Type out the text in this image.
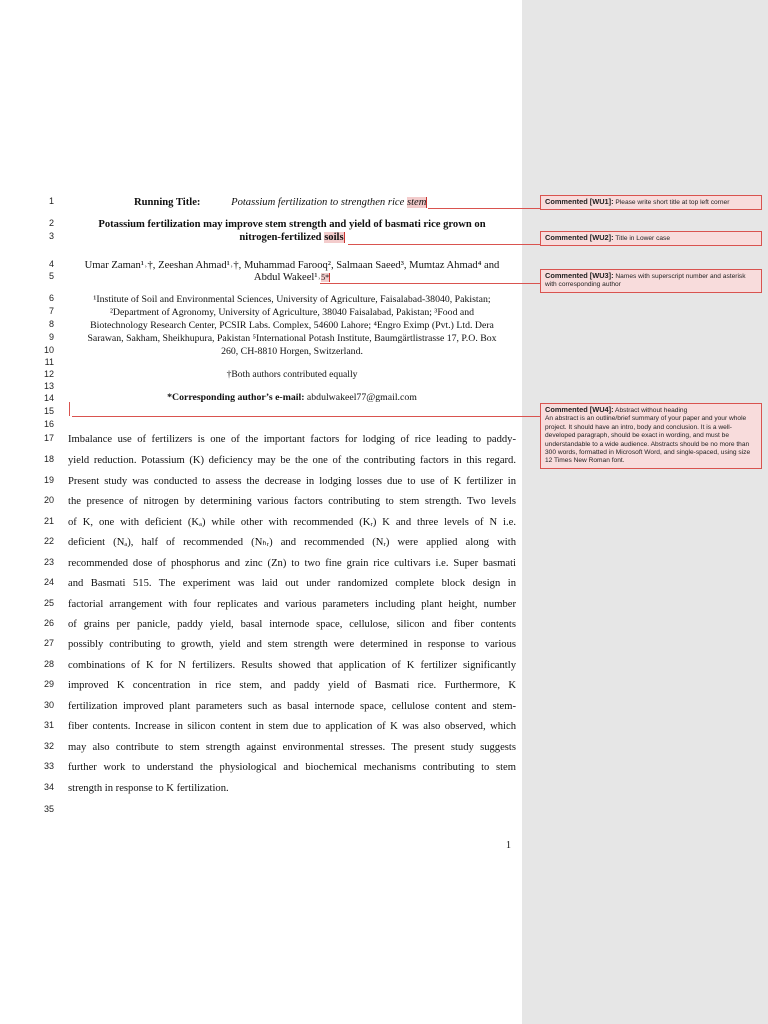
1
2
3
4
5
6
7
8
9
10
11
12
13
14
15
16
17
18
19
20
21
22
23
24
25
26
27
28
29
30
31
32
33
34
35
Running Title:	Potassium fertilization to strengthen rice stem
Potassium fertilization may improve stem strength and yield of basmati rice grown on
nitrogen-fertilized soils
Umar Zaman¹˒†, Zeeshan Ahmad¹˒†, Muhammad Farooq², Salmaan Saeed³, Mumtaz Ahmad⁴ and
Abdul Wakeel¹˒5*
¹Institute of Soil and Environmental Sciences, University of Agriculture, Faisalabad-38040, Pakistan;
²Department of Agronomy, University of Agriculture, 38040 Faisalabad, Pakistan; ³Food and
Biotechnology Research Center, PCSIR Labs. Complex, 54600 Lahore; ⁴Engro Eximp (Pvt.) Ltd. Dera
Sarawan, Sakham, Sheikhupura, Pakistan ⁵International Potash Institute, Baumgärtlistrasse 17, P.O. Box
260, CH-8810 Horgen, Switzerland.
†Both authors contributed equally
*Corresponding author’s e-mail: abdulwakeel77@gmail.com
Imbalance use of fertilizers is one of the important factors for lodging of rice leading to paddy-
yield reduction. Potassium (K) deficiency may be the one of the contributing factors in this regard.
Present study was conducted to assess the decrease in lodging losses due to use of K fertilizer in
the presence of nitrogen by determining various factors contributing to stem strength. Two levels
of K, one with deficient (Kₐ) while other with recommended (Kᵣ) K and three levels of N i.e.
deficient (Nₐ), half of recommended (Nₕᵣ) and recommended (Nᵣ) were applied along with
recommended dose of phosphorus and zinc (Zn) to two fine grain rice cultivars i.e. Super basmati
and Basmati 515. The experiment was laid out under randomized complete block design in
factorial arrangement with four replicates and various parameters including plant height, number
of grains per panicle, paddy yield, basal internode space, cellulose, silicon and fiber contents
possibly contributing to growth, yield and stem strength were determined in response to various
combinations of K for N fertilizers. Results showed that application of K fertilizer significantly
improved K concentration in rice stem, and paddy yield of Basmati rice. Furthermore, K
fertilization improved plant parameters such as basal internode space, cellulose content and stem-
fiber contents. Increase in silicon content in stem due to application of K was also observed, which
may also contribute to stem strength against environmental stresses. The present study suggests
further work to understand the physiological and biochemical mechanisms contributing to stem
strength in response to K fertilization.
1
Commented [WU1]: Please write short title at top left corner
Commented [WU2]: Title in Lower case
Commented [WU3]: Names with superscript number and asterisk with corresponding author
Commented [WU4]: Abstract without heading
An abstract is an outline/brief summary of your paper and your whole project. It should have an intro, body and conclusion. It is a well-developed paragraph, should be exact in wording, and must be understandable to a wide audience. Abstracts should be no more than 300 words, formatted in Microsoft Word, and single-spaced, using size 12 Times New Roman font.
